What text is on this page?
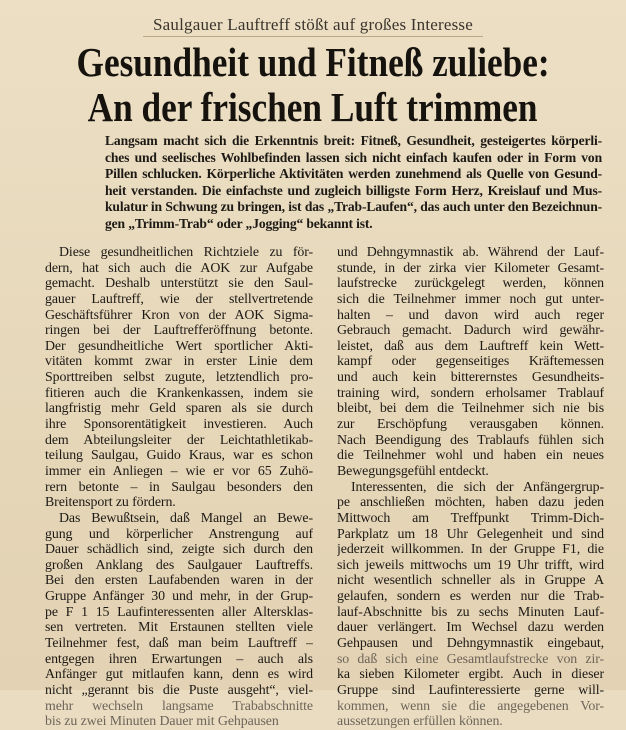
Saulgauer Lauftreff stößt auf großes Interesse
Gesundheit und Fitneß zuliebe:
An der frischen Luft trimmen
Langsam macht sich die Erkenntnis breit: Fitneß, Gesundheit, gesteigertes körperli-
ches und seelisches Wohlbefinden lassen sich nicht einfach kaufen oder in Form von
Pillen schlucken. Körperliche Aktivitäten werden zunehmend als Quelle von Gesund-
heit verstanden. Die einfachste und zugleich billigste Form Herz, Kreislauf und Mus-
kulatur in Schwung zu bringen, ist das „Trab-Laufen“, das auch unter den Bezeichnun-
gen „Trimm-Trab“ oder „Jogging“ bekannt ist.
Diese gesundheitlichen Richtziele zu för-
dern, hat sich auch die AOK zur Aufgabe
gemacht. Deshalb unterstützt sie den Saul-
gauer Lauftreff, wie der stellvertretende
Geschäftsführer Kron von der AOK Sigma-
ringen bei der Lauftrefferöffnung betonte.
Der gesundheitliche Wert sportlicher Akti-
vitäten kommt zwar in erster Linie dem
Sporttreiben selbst zugute, letztendlich pro-
fitieren auch die Krankenkassen, indem sie
langfristig mehr Geld sparen als sie durch
ihre Sponsorentätigkeit investieren. Auch
dem Abteilungsleiter der Leichtathletikab-
teilung Saulgau, Guido Kraus, war es schon
immer ein Anliegen – wie er vor 65 Zuhö-
rern betonte – in Saulgau besonders den
Breitensport zu fördern.
Das Bewußtsein, daß Mangel an Bewe-
gung und körperlicher Anstrengung auf
Dauer schädlich sind, zeigte sich durch den
großen Anklang des Saulgauer Lauftreffs.
Bei den ersten Laufabenden waren in der
Gruppe Anfänger 30 und mehr, in der Grup-
pe F 1 15 Laufinteressenten aller Altersklas-
sen vertreten. Mit Erstaunen stellten viele
Teilnehmer fest, daß man beim Lauftreff –
entgegen ihren Erwartungen – auch als
Anfänger gut mitlaufen kann, denn es wird
nicht „gerannt bis die Puste ausgeht“, viel-
mehr wechseln langsame Trababschnitte
bis zu zwei Minuten Dauer mit Gehpausen
und Dehngymnastik ab. Während der Lauf-
stunde, in der zirka vier Kilometer Gesamt-
laufstrecke zurückgelegt werden, können
sich die Teilnehmer immer noch gut unter-
halten – und davon wird auch reger
Gebrauch gemacht. Dadurch wird gewähr-
leistet, daß aus dem Lauftreff kein Wett-
kampf oder gegenseitiges Kräftemessen
und auch kein bitterernstes Gesundheits-
training wird, sondern erholsamer Trablauf
bleibt, bei dem die Teilnehmer sich nie bis
zur Erschöpfung verausgaben können.
Nach Beendigung des Trablaufs fühlen sich
die Teilnehmer wohl und haben ein neues
Bewegungsgefühl entdeckt.
Interessenten, die sich der Anfängergrup-
pe anschließen möchten, haben dazu jeden
Mittwoch am Treffpunkt Trimm-Dich-
Parkplatz um 18 Uhr Gelegenheit und sind
jederzeit willkommen. In der Gruppe F1, die
sich jeweils mittwochs um 19 Uhr trifft, wird
nicht wesentlich schneller als in Gruppe A
gelaufen, sondern es werden nur die Trab-
lauf-Abschnitte bis zu sechs Minuten Lauf-
dauer verlängert. Im Wechsel dazu werden
Gehpausen und Dehngymnastik eingebaut,
so daß sich eine Gesamtlaufstrecke von zir-
ka sieben Kilometer ergibt. Auch in dieser
Gruppe sind Laufinteressierte gerne will-
kommen, wenn sie die angegebenen Vor-
aussetzungen erfüllen können.
